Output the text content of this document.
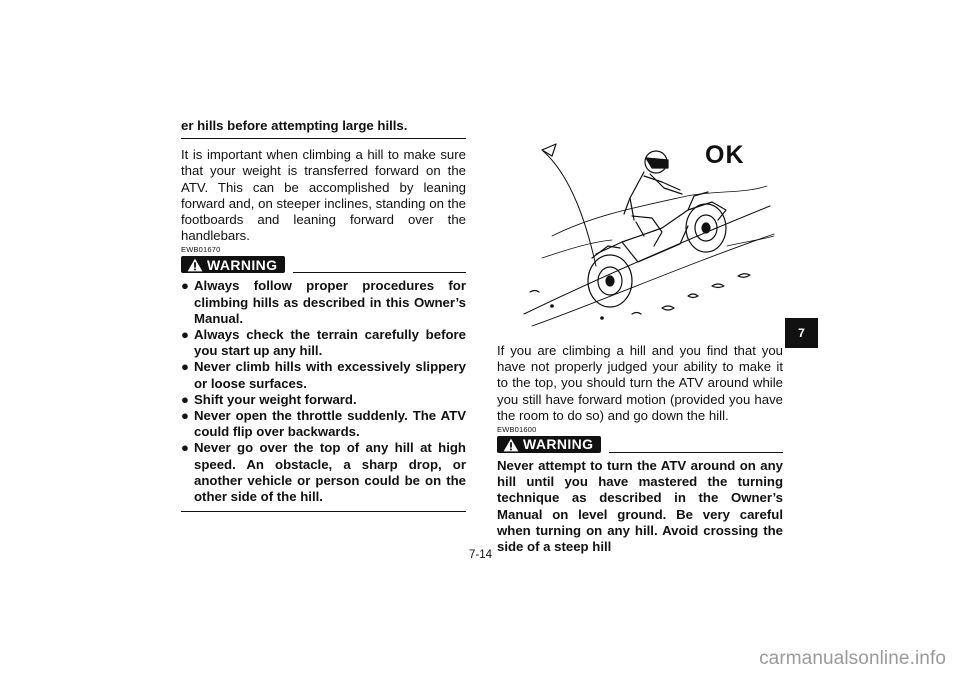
er hills before attempting large hills.

It is important when climbing a hill to make sure that your weight is transferred forward on the ATV. This can be accomplished by leaning forward and, on steeper inclines, standing on the footboards and leaning forward over the handlebars.

EWB01670
WARNING
● Always follow proper procedures for climbing hills as described in this Owner’s Manual.
● Always check the terrain carefully before you start up any hill.
● Never climb hills with excessively slippery or loose surfaces.
● Shift your weight forward.
● Never open the throttle suddenly. The ATV could flip over backwards.
● Never go over the top of any hill at high speed. An obstacle, a sharp drop, or another vehicle or person could be on the other side of the hill.
OK

If you are climbing a hill and you find that you have not properly judged your ability to make it to the top, you should turn the ATV around while you still have forward motion (provided you have the room to do so) and go down the hill.

EWB01600
WARNING

Never attempt to turn the ATV around on any hill until you have mastered the turning technique as described in the Owner’s Manual on level ground. Be very careful when turning on any hill. Avoid crossing the side of a steep hill

7
7-14
carmanualsonline.info
